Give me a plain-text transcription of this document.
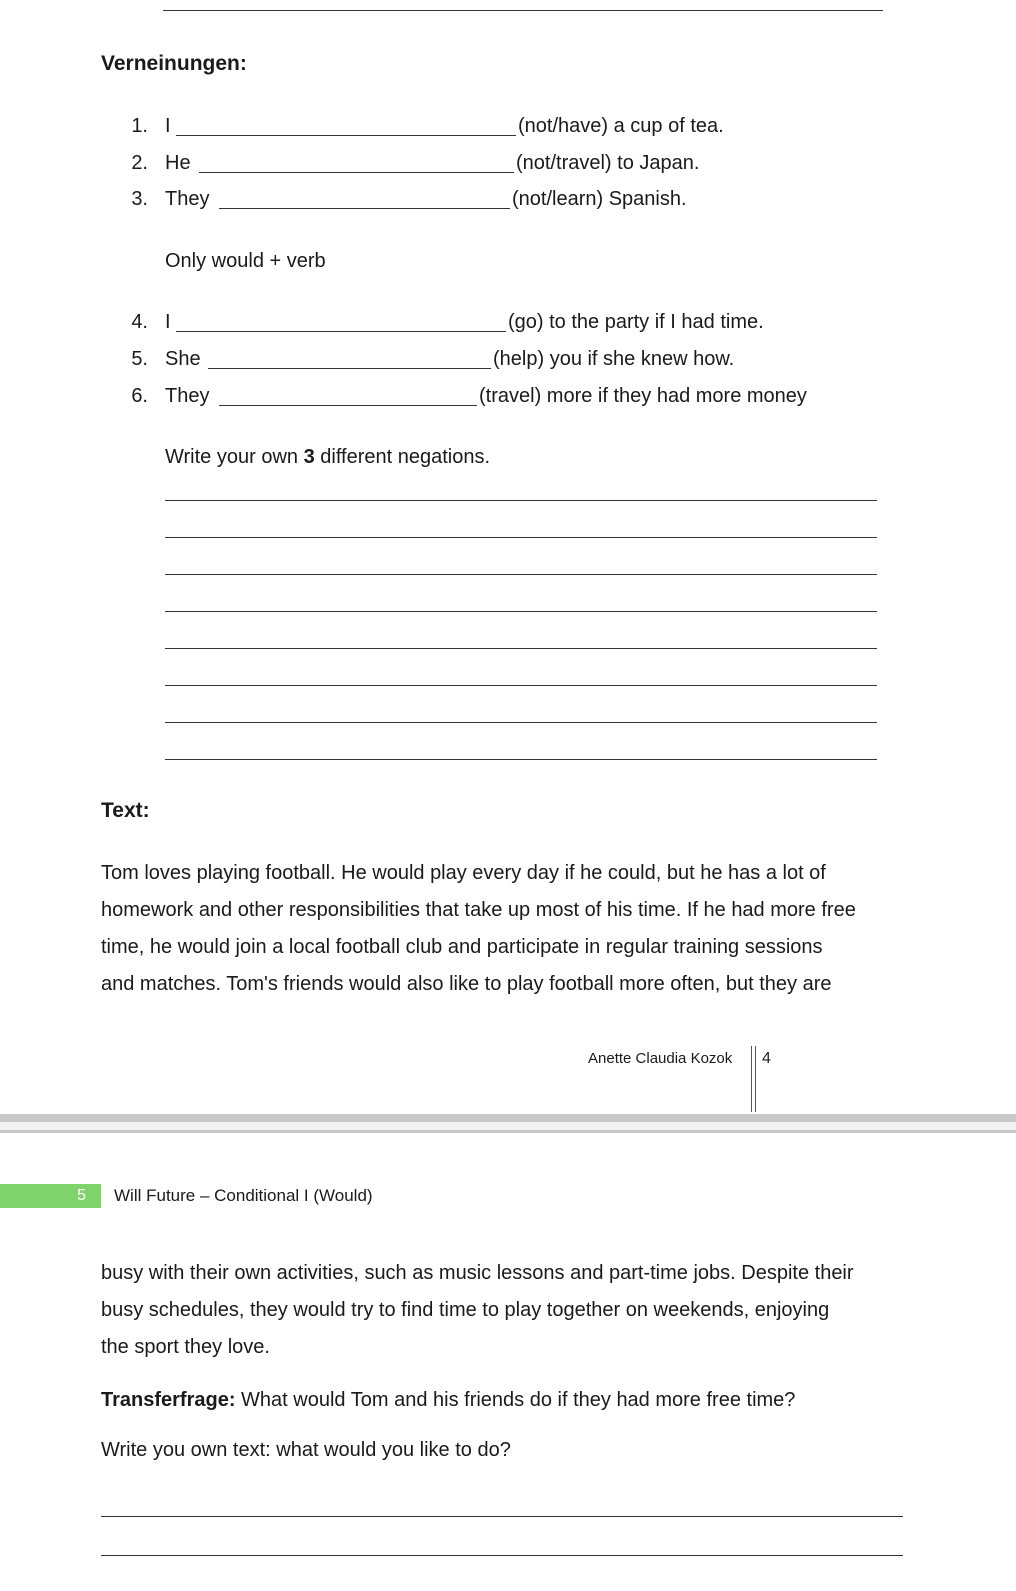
Verneinungen:
1. I	(not/have) a cup of tea.
2. He	(not/travel) to Japan.
3. They	(not/learn) Spanish.
Only would + verb
4. I	(go) to the party if I had time.
5. She	(help) you if she knew how.
6. They	(travel) more if they had more money
Write your own 3 different negations.
Text:
Tom loves playing football. He would play every day if he could, but he has a lot of
homework and other responsibilities that take up most of his time. If he had more free
time, he would join a local football club and participate in regular training sessions
and matches. Tom's friends would also like to play football more often, but they are
Anette Claudia Kozok 4
5 Will Future – Conditional I (Would)
busy with their own activities, such as music lessons and part-time jobs. Despite their
busy schedules, they would try to find time to play together on weekends, enjoying
the sport they love.
Transferfrage: What would Tom and his friends do if they had more free time?
Write you own text: what would you like to do?
